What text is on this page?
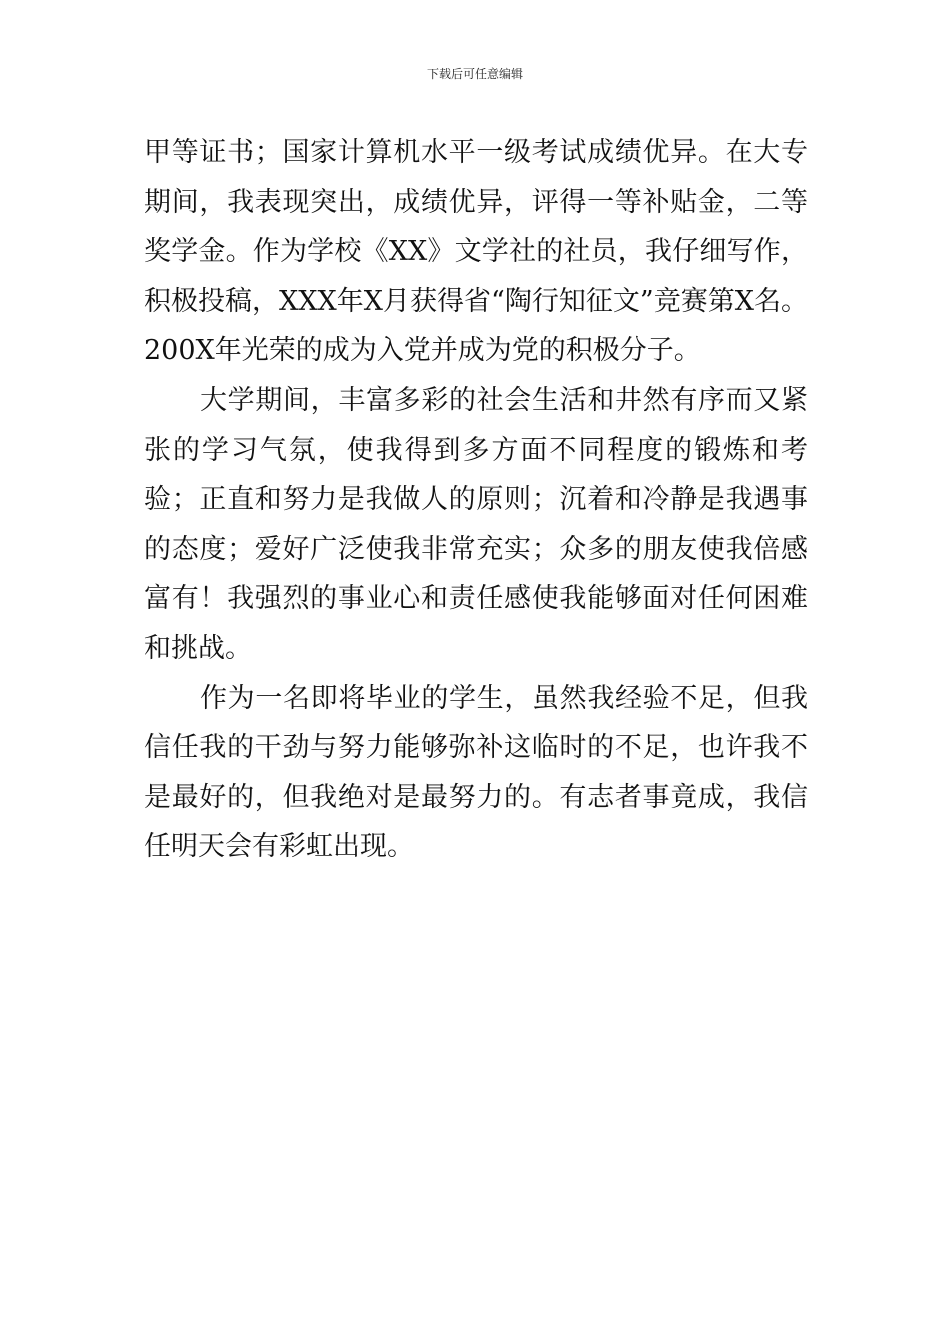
下载后可任意编辑

甲等证书；国家计算机水平一级考试成绩优异。在大专期间，我表现突出，成绩优异，评得一等补贴金，二等奖学金。作为学校《XX》文学社的社员，我仔细写作，积极投稿，XXX年X月获得省“陶行知征文”竞赛第X名。200X年光荣的成为入党并成为党的积极分子。

大学期间，丰富多彩的社会生活和井然有序而又紧张的学习气氛，使我得到多方面不同程度的锻炼和考验；正直和努力是我做人的原则；沉着和冷静是我遇事的态度；爱好广泛使我非常充实；众多的朋友使我倍感富有！我强烈的事业心和责任感使我能够面对任何困难和挑战。

作为一名即将毕业的学生，虽然我经验不足，但我信任我的干劲与努力能够弥补这临时的不足，也许我不是最好的，但我绝对是最努力的。有志者事竟成，我信任明天会有彩虹出现。
